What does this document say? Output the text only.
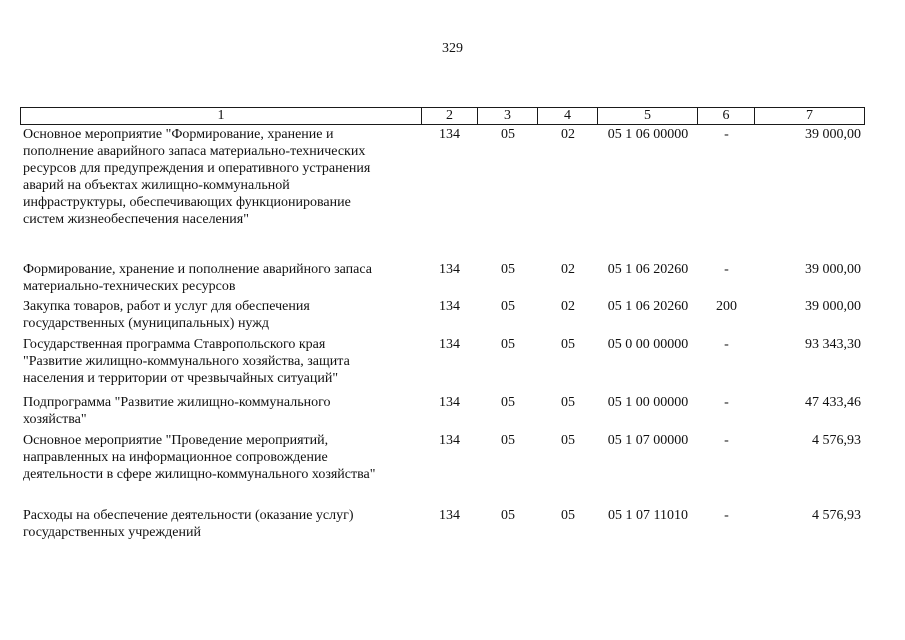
329
1	2	3	4	5	6	7
Основное мероприятие "Формирование, хранение и
пополнение аварийного запаса материально-технических
ресурсов для предупреждения и оперативного устранения
аварий на объектах жилищно-коммунальной
инфраструктуры, обеспечивающих функционирование
систем жизнеобеспечения населения"
134	05	02	05 1 06 00000	-	39 000,00
Формирование, хранение и пополнение аварийного запаса
материально-технических ресурсов
134	05	02	05 1 06 20260	-	39 000,00
Закупка товаров, работ и услуг для обеспечения
государственных (муниципальных) нужд
134	05	02	05 1 06 20260	200	39 000,00
Государственная программа Ставропольского края
"Развитие жилищно-коммунального хозяйства, защита
населения и территории от чрезвычайных ситуаций"
134	05	05	05 0 00 00000	-	93 343,30
Подпрограмма "Развитие жилищно-коммунального
хозяйства"
134	05	05	05 1 00 00000	-	47 433,46
Основное мероприятие "Проведение мероприятий,
направленных на информационное сопровождение
деятельности в сфере жилищно-коммунального хозяйства"
134	05	05	05 1 07 00000	-	4 576,93
Расходы на обеспечение деятельности (оказание услуг)
государственных учреждений
134	05	05	05 1 07 11010	-	4 576,93
